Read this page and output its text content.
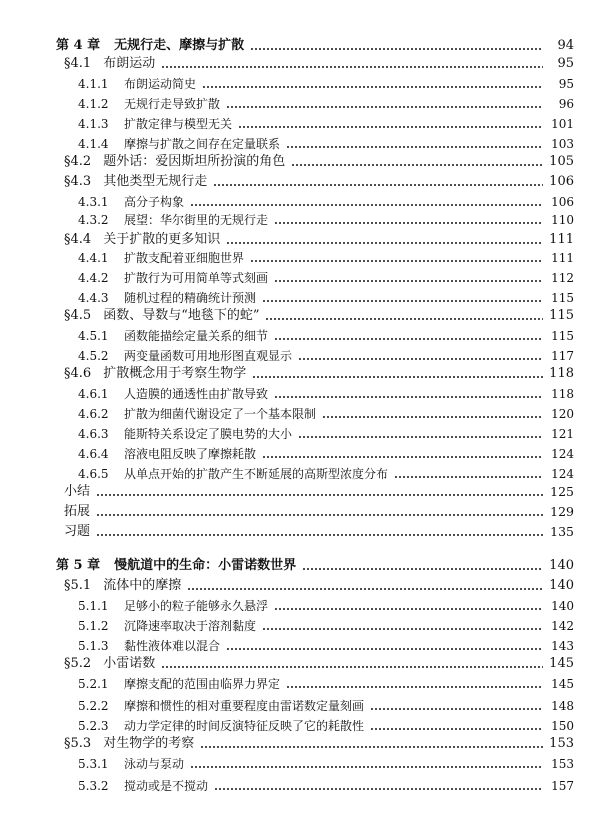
第 4 章 无规行走、摩擦与扩散	94
§4.1 布朗运动	95
4.1.1 布朗运动简史	95
4.1.2 无规行走导致扩散	96
4.1.3 扩散定律与模型无关	101
4.1.4 摩擦与扩散之间存在定量联系	103
§4.2 题外话：爱因斯坦所扮演的角色	105
§4.3 其他类型无规行走	106
4.3.1 高分子构象	106
4.3.2 展望：华尔街里的无规行走	110
§4.4 关于扩散的更多知识	111
4.4.1 扩散支配着亚细胞世界	111
4.4.2 扩散行为可用简单等式刻画	112
4.4.3 随机过程的精确统计预测	115
§4.5 函数、导数与“地毯下的蛇”	115
4.5.1 函数能描绘定量关系的细节	115
4.5.2 两变量函数可用地形图直观显示	117
§4.6 扩散概念用于考察生物学	118
4.6.1 人造膜的通透性由扩散导致	118
4.6.2 扩散为细菌代谢设定了一个基本限制	120
4.6.3 能斯特关系设定了膜电势的大小	121
4.6.4 溶液电阻反映了摩擦耗散	124
4.6.5 从单点开始的扩散产生不断延展的高斯型浓度分布	124
小结	125
拓展	129
习题	135
第 5 章 慢航道中的生命：小雷诺数世界	140
§5.1 流体中的摩擦	140
5.1.1 足够小的粒子能够永久悬浮	140
5.1.2 沉降速率取决于溶剂黏度	142
5.1.3 黏性液体难以混合	143
§5.2 小雷诺数	145
5.2.1 摩擦支配的范围由临界力界定	145
5.2.2 摩擦和惯性的相对重要程度由雷诺数定量刻画	148
5.2.3 动力学定律的时间反演特征反映了它的耗散性	150
§5.3 对生物学的考察	153
5.3.1 泳动与泵动	153
5.3.2 搅动或是不搅动	157
